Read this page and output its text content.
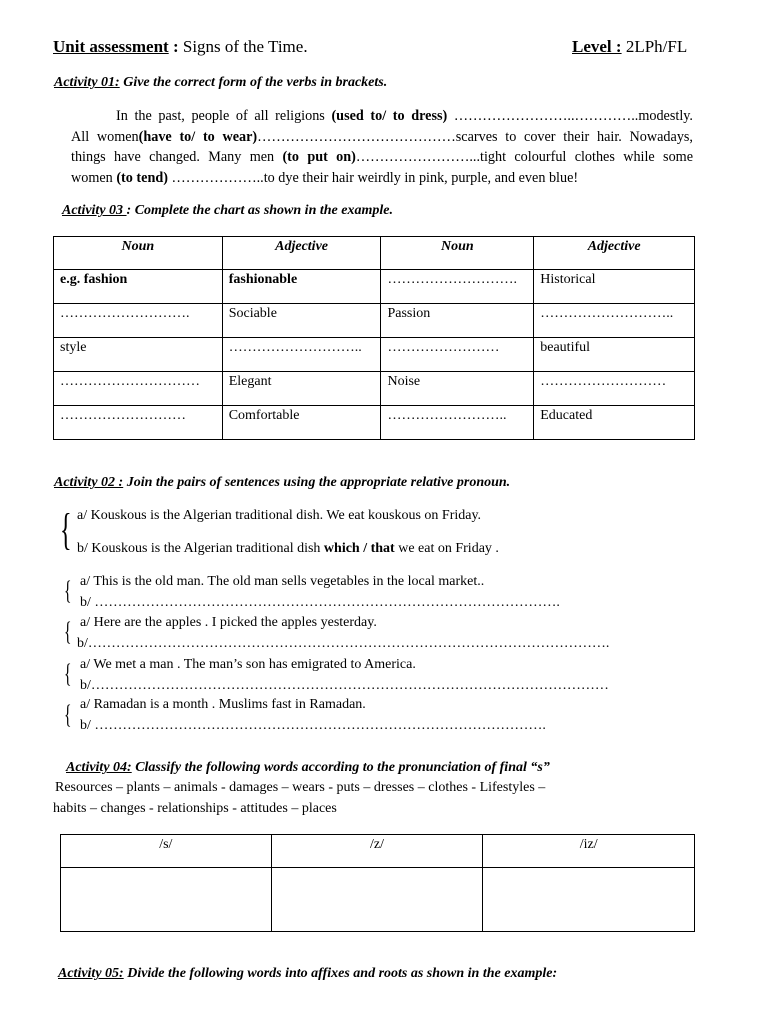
Unit assessment : Signs of the Time.	Level : 2LPh/FL
Activity 01: Give the correct form of the verbs in brackets.
In the past, people of all religions (used to/ to dress) ……………………..…………..modestly.
All women(have to/ to wear)……………………………………scarves to cover their hair. Nowadays,
things have changed. Many men (to put on)……………………...tight colourful clothes while some
women (to tend) ………………..to dye their hair weirdly in pink, purple, and even blue!
Activity 03 : Complete the chart as shown in the example.
Noun	Adjective	Noun	Adjective
e.g. fashion	fashionable	……………………….	Historical
……………………….	Sociable	Passion	………………………..
style	………………………..	……………………	beautiful
…………………………	Elegant	Noise	………………………
………………………	Comfortable	……………………..	Educated
Activity 02 : Join the pairs of sentences using the appropriate relative pronoun.
{ a/ Kouskous is the Algerian traditional dish. We eat kouskous on Friday.
b/ Kouskous is the Algerian traditional dish which / that we eat on Friday .
{ a/ This is the old man. The old man sells vegetables in the local market..
b/ ……………………………………………………………………………………….
{ a/ Here are the apples . I picked the apples yesterday.
b/………………………………………………………………………………………………….
{ a/ We met a man . The man’s son has emigrated to America.
b/…………………………………………………………………………………………………
{ a/ Ramadan is a month . Muslims fast in Ramadan.
b/ …………………………………………………………………………………….
Activity 04: Classify the following words according to the pronunciation of final “s”
Resources – plants – animals - damages – wears - puts – dresses – clothes - Lifestyles –
habits – changes - relationships - attitudes – places
/s/	/z/	/iz/

Activity 05: Divide the following words into affixes and roots as shown in the example:
